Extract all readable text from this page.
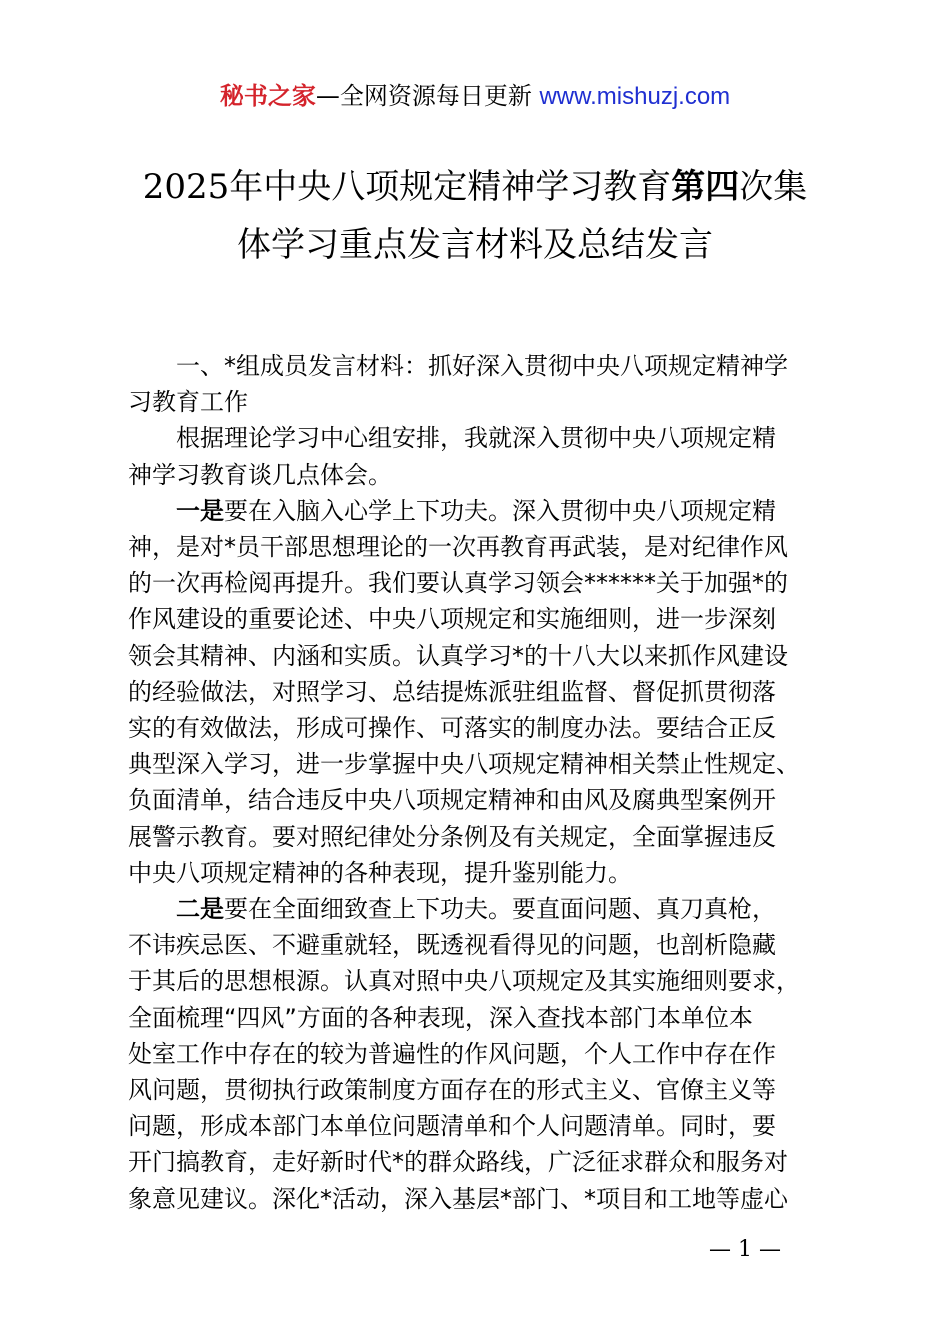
秘书之家—全网资源每日更新 www.mishuzj.com
2025年中央八项规定精神学习教育第四次集
体学习重点发言材料及总结发言

一、*组成员发言材料：抓好深入贯彻中央八项规定精神学
习教育工作

根据理论学习中心组安排，我就深入贯彻中央八项规定精
神学习教育谈几点体会。

一是要在入脑入心学上下功夫。深入贯彻中央八项规定精
神，是对*员干部思想理论的一次再教育再武装，是对纪律作风
的一次再检阅再提升。我们要认真学习领会******关于加强*的
作风建设的重要论述、中央八项规定和实施细则，进一步深刻
领会其精神、内涵和实质。认真学习*的十八大以来抓作风建设
的经验做法，对照学习、总结提炼派驻组监督、督促抓贯彻落
实的有效做法，形成可操作、可落实的制度办法。要结合正反
典型深入学习，进一步掌握中央八项规定精神相关禁止性规定、
负面清单，结合违反中央八项规定精神和由风及腐典型案例开
展警示教育。要对照纪律处分条例及有关规定，全面掌握违反
中央八项规定精神的各种表现，提升鉴别能力。

二是要在全面细致查上下功夫。要直面问题、真刀真枪，
不讳疾忌医、不避重就轻，既透视看得见的问题，也剖析隐藏
于其后的思想根源。认真对照中央八项规定及其实施细则要求，
全面梳理“四风”方面的各种表现，深入查找本部门本单位本
处室工作中存在的较为普遍性的作风问题，个人工作中存在作
风问题，贯彻执行政策制度方面存在的形式主义、官僚主义等
问题，形成本部门本单位问题清单和个人问题清单。同时，要
开门搞教育，走好新时代*的群众路线，广泛征求群众和服务对
象意见建议。深化*活动，深入基层*部门、*项目和工地等虚心

— 1 —
